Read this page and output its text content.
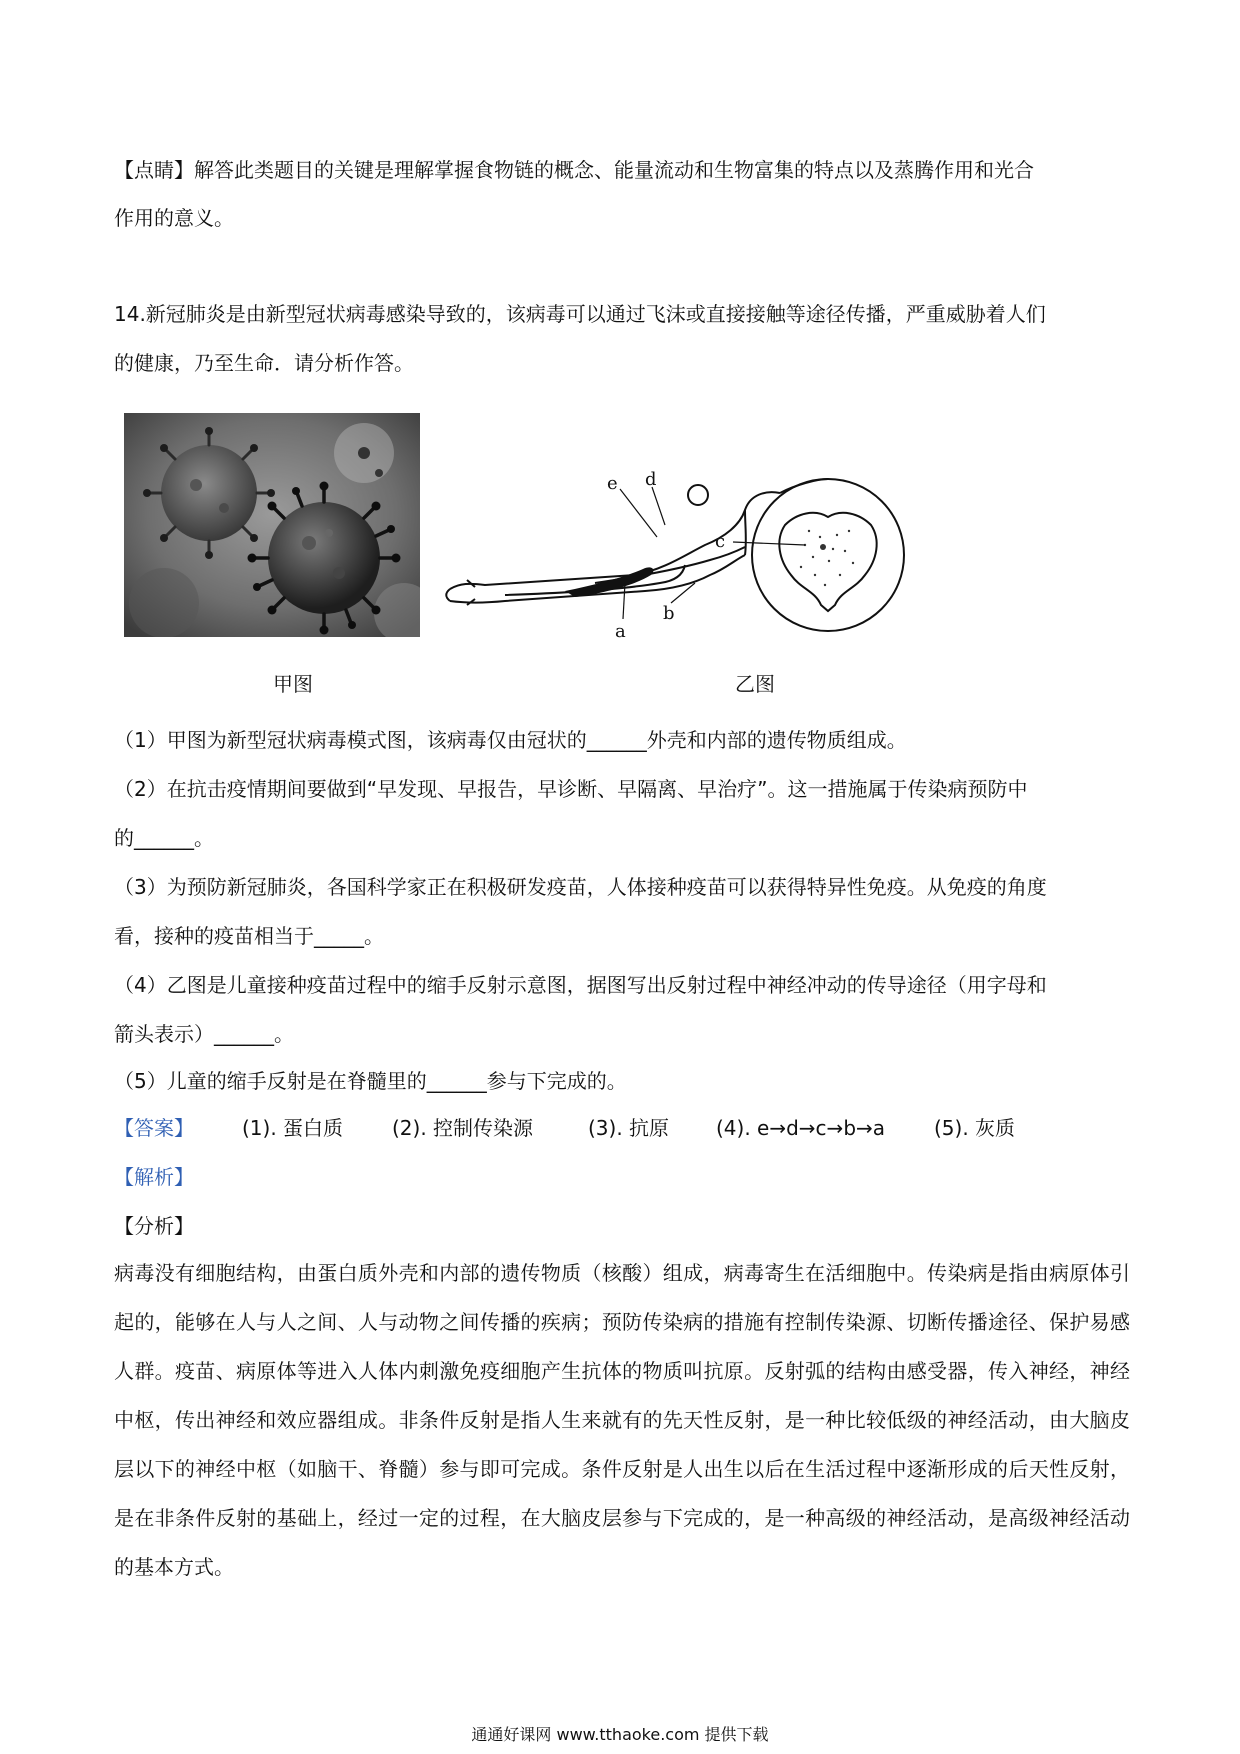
【点睛】解答此类题目的关键是理解掌握食物链的概念、能量流动和生物富集的特点以及蒸腾作用和光合
作用的意义。
14.新冠肺炎是由新型冠状病毒感染导致的，该病毒可以通过飞沫或直接接触等途径传播，严重威胁着人们
的健康，乃至生命．请分析作答。
甲图
e d
c
a
b
乙图
（1）甲图为新型冠状病毒模式图，该病毒仅由冠状的______外壳和内部的遗传物质组成。
（2）在抗击疫情期间要做到“早发现、早报告，早诊断、早隔离、早治疗”。这一措施属于传染病预防中
的______。
（3）为预防新冠肺炎，各国科学家正在积极研发疫苗，人体接种疫苗可以获得特异性免疫。从免疫的角度
看，接种的疫苗相当于_____。
（4）乙图是儿童接种疫苗过程中的缩手反射示意图，据图写出反射过程中神经冲动的传导途径（用字母和
箭头表示）______。
（5）儿童的缩手反射是在脊髓里的______参与下完成的。
【答案】 (1). 蛋白质 (2). 控制传染源	(3). 抗原 (4). e→d→c→b→a (5). 灰质
【解析】
【分析】
病毒没有细胞结构，由蛋白质外壳和内部的遗传物质（核酸）组成，病毒寄生在活细胞中。传染病是指由病原体引起的，能够在人与人之间、人与动物之间传播的疾病；预防传染病的措施有控制传染源、切断传播途径、保护易感人群。疫苗、病原体等进入人体内刺激免疫细胞产生抗体的物质叫抗原。反射弧的结构由感受器，传入神经，神经中枢，传出神经和效应器组成。非条件反射是指人生来就有的先天性反射，是一种比较低级的神经活动，由大脑皮层以下的神经中枢（如脑干、脊髓）参与即可完成。条件反射是人出生以后在生活过程中逐渐形成的后天性反射，是在非条件反射的基础上，经过一定的过程，在大脑皮层参与下完成的，是一种高级的神经活动，是高级神经活动的基本方式。
通通好课网 www.tthaoke.com 提供下载
